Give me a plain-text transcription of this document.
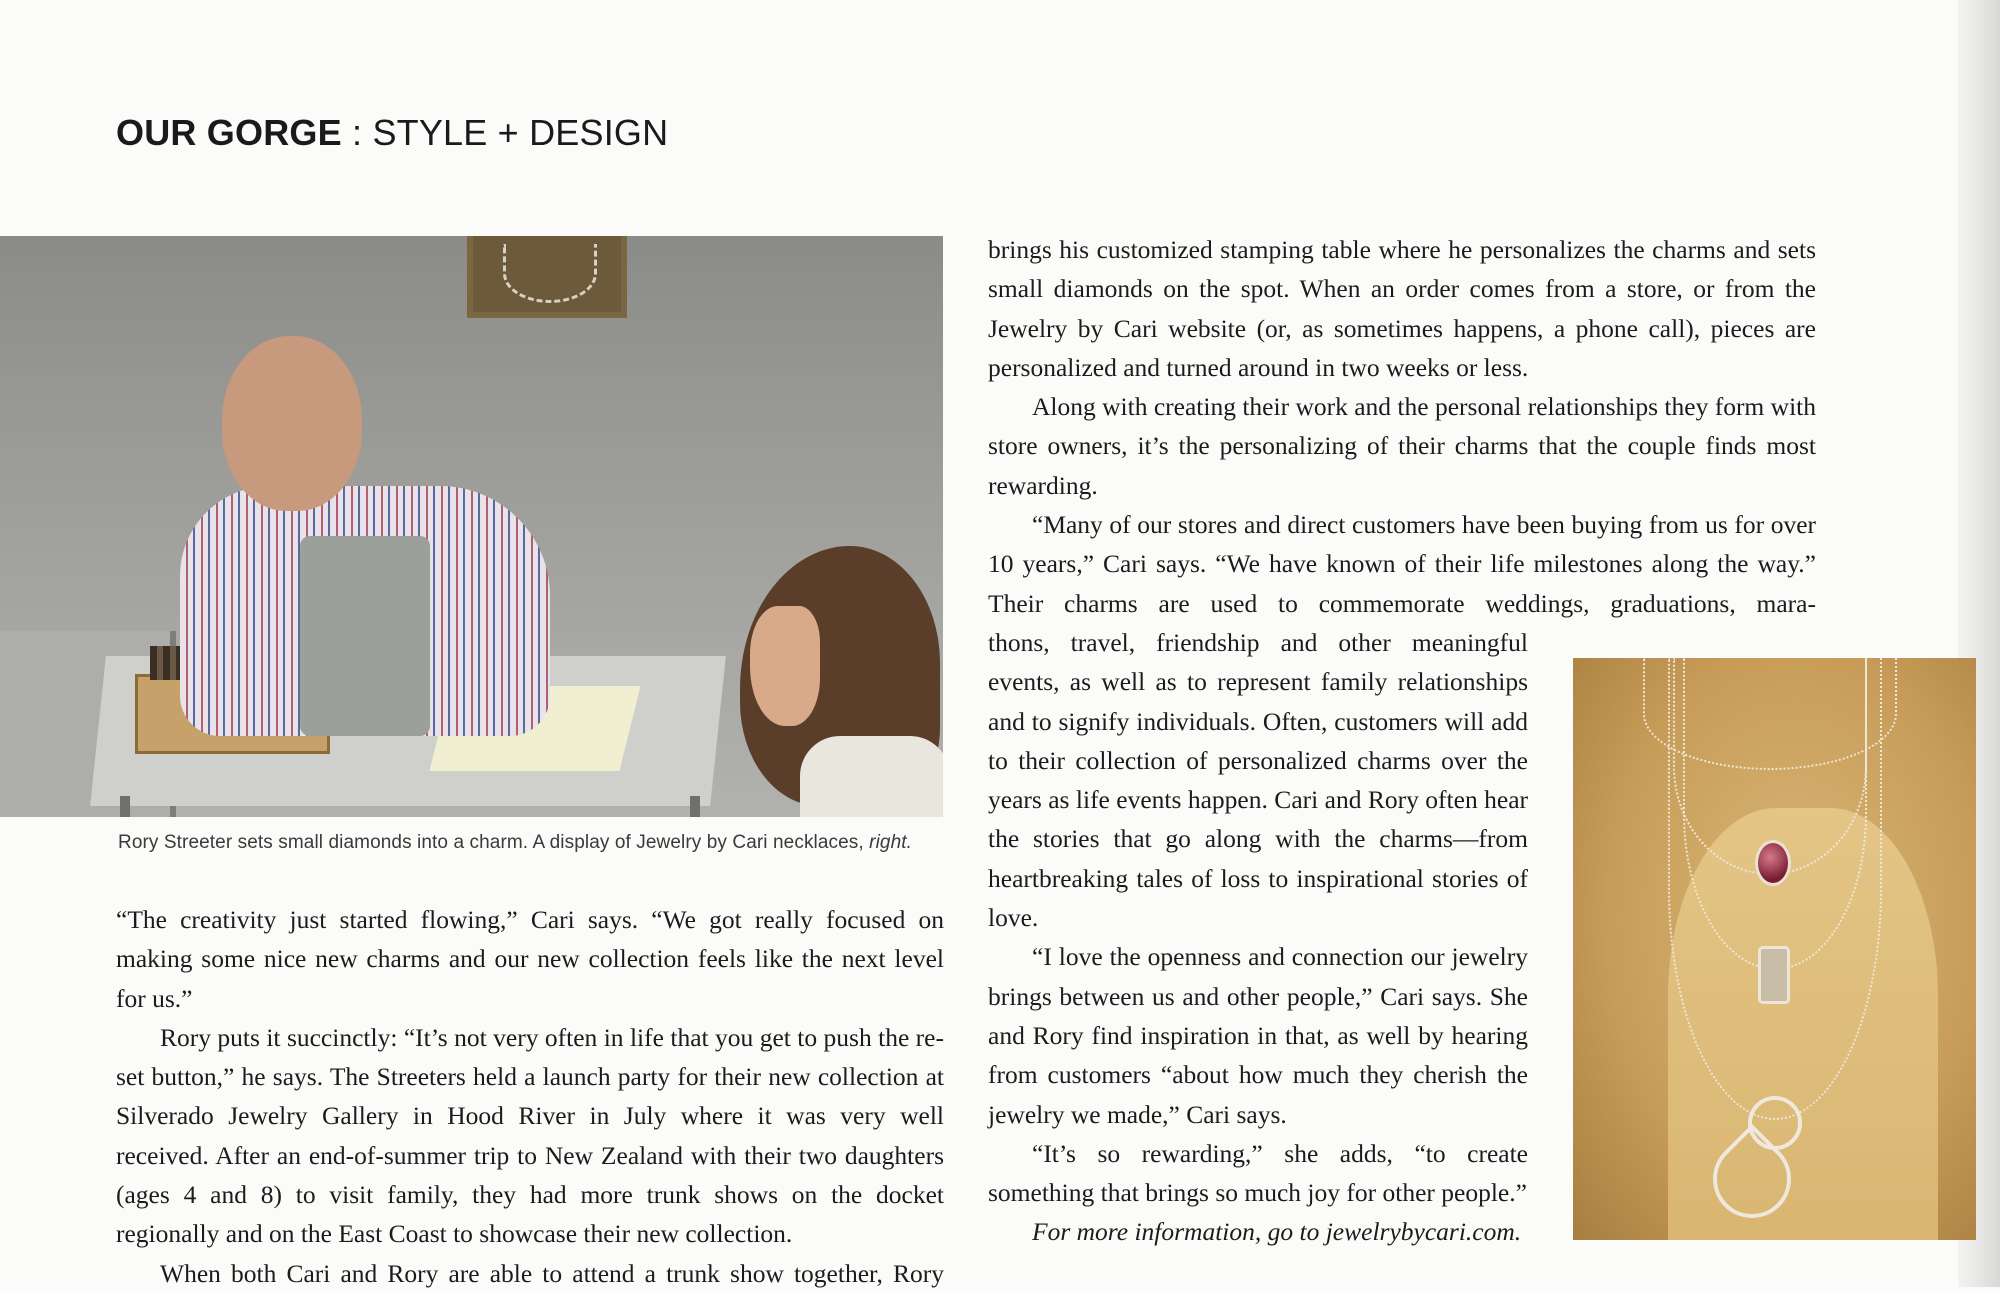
OUR GORGE : STYLE + DESIGN
Rory Streeter sets small diamonds into a charm. A display of Jewelry by Cari necklaces, right.

“The creativity just started flowing,” Cari says. “We got really focused on making some nice new charms and our new collection feels like the next level for us.”

Rory puts it succinctly: “It’s not very often in life that you get to push the re-set button,” he says. The Streeters held a launch party for their new collection at Silverado Jewelry Gallery in Hood River in July where it was very well received. After an end-of-summer trip to New Zealand with their two daughters (ages 4 and 8) to visit family, they had more trunk shows on the docket regionally and on the East Coast to showcase their new collection.

When both Cari and Rory are able to attend a trunk show together, Rory

brings his customized stamping table where he personalizes the charms and sets small diamonds on the spot. When an order comes from a store, or from the Jewelry by Cari website (or, as sometimes happens, a phone call), pieces are personalized and turned around in two weeks or less.

Along with creating their work and the personal relationships they form with store owners, it’s the personalizing of their charms that the couple finds most rewarding.

“Many of our stores and direct customers have been buying from us for over 10 years,” Cari says. “We have known of their life milestones along the way.” Their charms are used to commemorate weddings, graduations, mara-

thons, travel, friendship and other meaningful events, as well as to represent family relationships and to signify individuals. Often, customers will add to their collection of personalized charms over the years as life events happen. Cari and Rory often hear the stories that go along with the charms—from heartbreaking tales of loss to inspirational stories of love.

“I love the openness and connection our jewelry brings between us and other people,” Cari says. She and Rory find inspiration in that, as well by hearing from customers “about how much they cherish the jewelry we made,” Cari says.

“It’s so rewarding,” she adds, “to create something that brings so much joy for other people.”

For more information, go to jewelrybycari.com.
